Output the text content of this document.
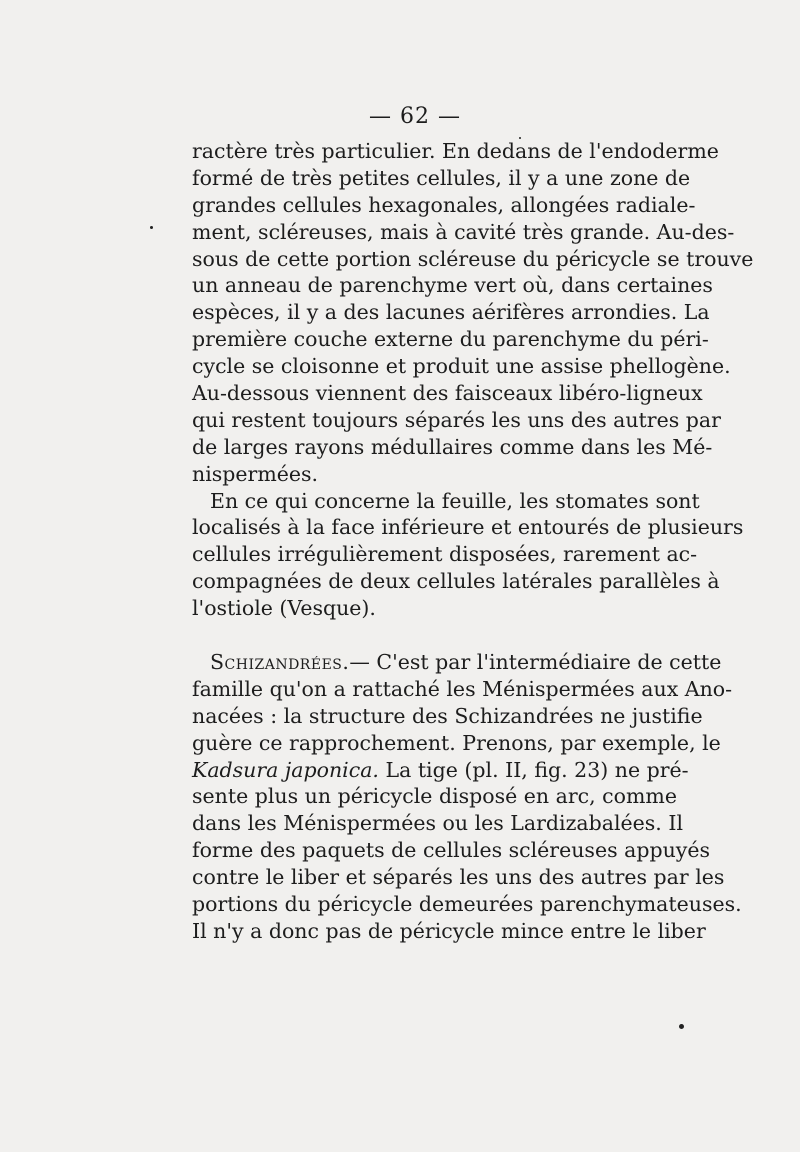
— 62 —
ractère très particulier. En dedans de l'endoderme
formé de très petites cellules, il y a une zone de
grandes cellules hexagonales, allongées radiale-
ment, scléreuses, mais à cavité très grande. Au-des-
sous de cette portion scléreuse du péricycle se trouve
un anneau de parenchyme vert où, dans certaines
espèces, il y a des lacunes aérifères arrondies. La
première couche externe du parenchyme du péri-
cycle se cloisonne et produit une assise phellogène.
Au-dessous viennent des faisceaux libéro-ligneux
qui restent toujours séparés les uns des autres par
de larges rayons médullaires comme dans les Mé-
nispermées.
En ce qui concerne la feuille, les stomates sont
localisés à la face inférieure et entourés de plusieurs
cellules irrégulièrement disposées, rarement ac-
compagnées de deux cellules latérales parallèles à
l'ostiole (Vesque).
Schizandrées.— C'est par l'intermédiaire de cette
famille qu'on a rattaché les Ménispermées aux Ano-
nacées : la structure des Schizandrées ne justifie
guère ce rapprochement. Prenons, par exemple, le
Kadsura japonica. La tige (pl. II, fig. 23) ne pré-
sente plus un péricycle disposé en arc, comme
dans les Ménispermées ou les Lardizabalées. Il
forme des paquets de cellules scléreuses appuyés
contre le liber et séparés les uns des autres par les
portions du péricycle demeurées parenchymateuses.
Il n'y a donc pas de péricycle mince entre le liber
